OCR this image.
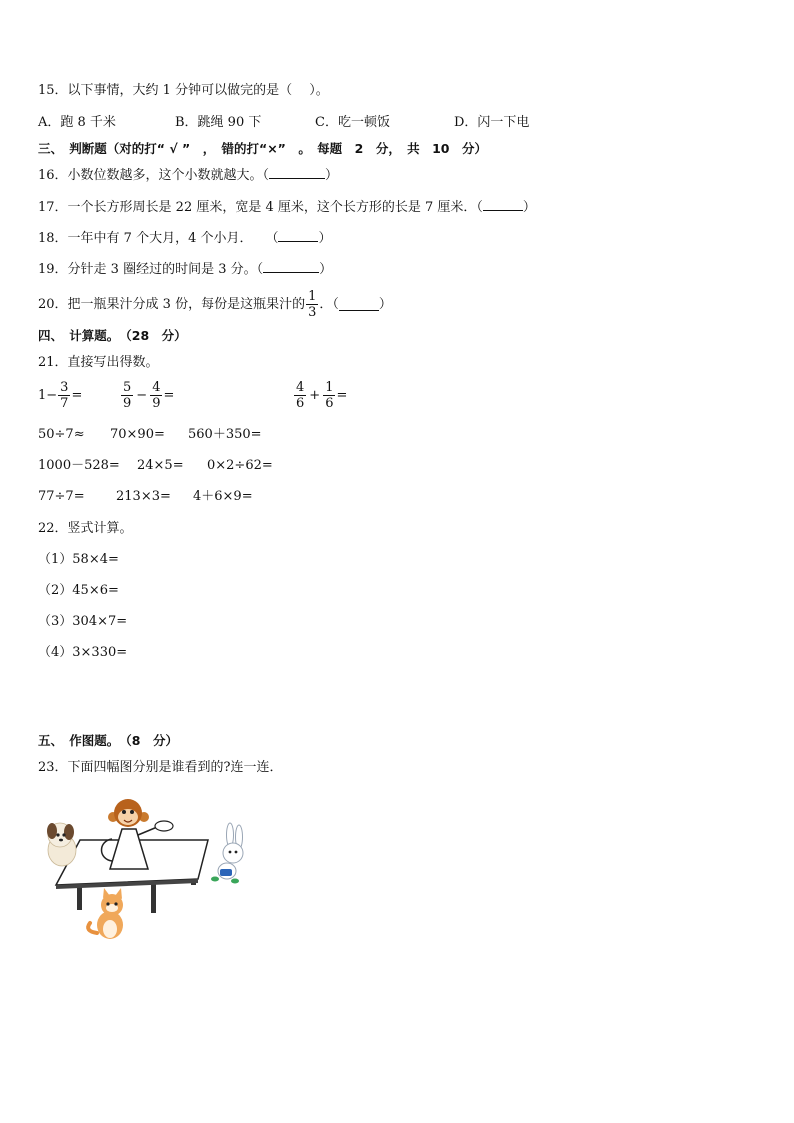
15．以下事情，大约 1 分钟可以做完的是（　 ）。
A．跑 8 千米	B．跳绳 90 下	C．吃一顿饭	D．闪一下电
三、　判断题（对的打“ √ ”　，　错的打“×”　。　每题　2　分，　共　10　分）
16．小数位数越多，这个小数就越大。（	）
17．一个长方形周长是 22 厘米，宽是 4 厘米，这个长方形的长是 7 厘米．（	）
18．一年中有 7 个大月，4 个小月．　　（	）
19．分针走 3 圈经过的时间是 3 分。（	）
20．把一瓶果汁分成 3 份，每份是这瓶果汁的 $\frac{1}{3}$ ．（	）
四、　计算题。　（28　分）
21．直接写出得数。
$1- \frac{3}{7}$ =	$\frac{5}{9} - \frac{4}{9}$ =	$\frac{4}{6} + \frac{1}{6}$ =
50÷7≈ 70×90= 560＋350=
1000－528= 24×5= 0×2÷62=
77÷7= 213×3= 4＋6×9=
22．竖式计算。
（1）58×4=
（2）45×6=
（3）304×7=
（4）3×330=
五、　作图题。　（8　分）
23．下面四幅图分别是谁看到的?连一连．
